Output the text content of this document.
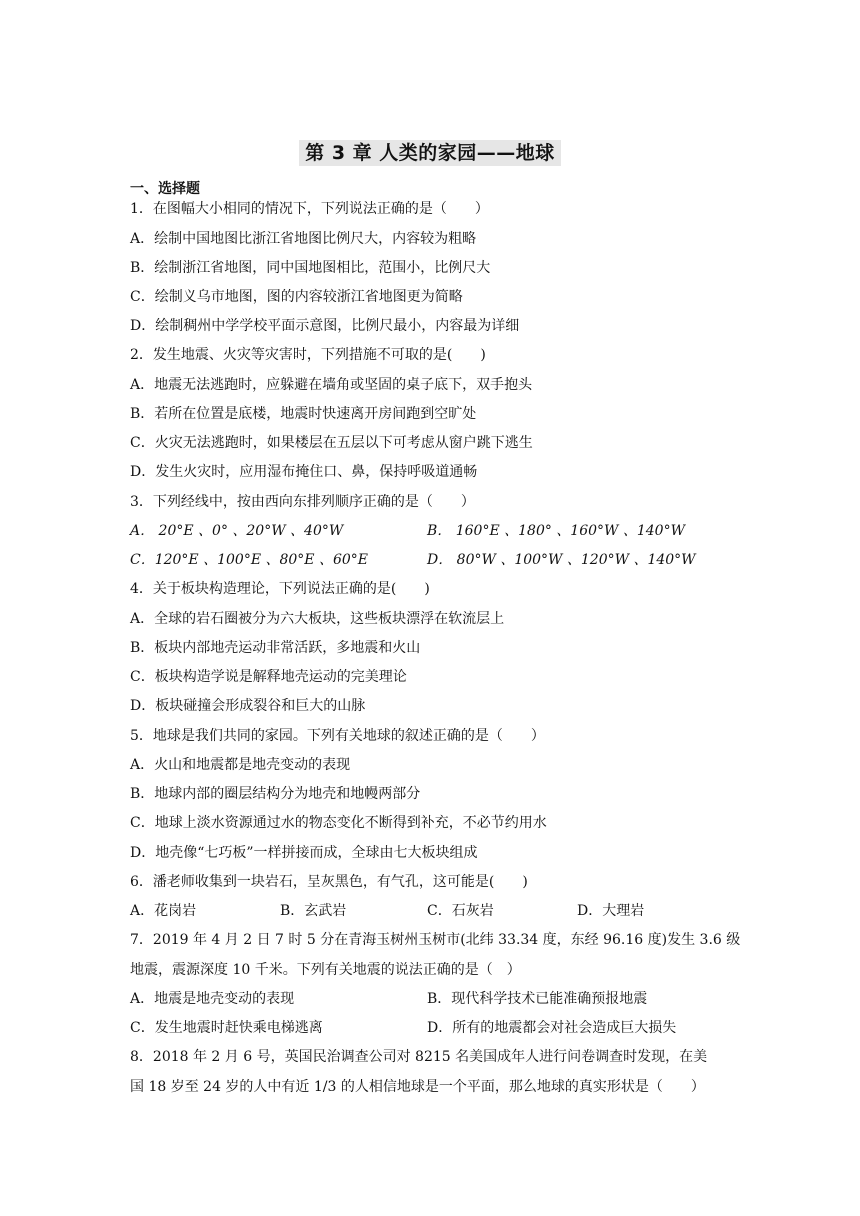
第 3 章 人类的家园——地球
一、选择题
1．在图幅大小相同的情况下，下列说法正确的是（　　）
A．绘制中国地图比浙江省地图比例尺大，内容较为粗略
B．绘制浙江省地图，同中国地图相比，范围小，比例尺大
C．绘制义乌市地图，图的内容较浙江省地图更为简略
D．绘制稠州中学学校平面示意图，比例尺最小，内容最为详细
2．发生地震、火灾等灾害时，下列措施不可取的是(　　)
A．地震无法逃跑时，应躲避在墙角或坚固的桌子底下，双手抱头
B．若所在位置是底楼，地震时快速离开房间跑到空旷处
C．火灾无法逃跑时，如果楼层在五层以下可考虑从窗户跳下逃生
D．发生火灾时，应用湿布掩住口、鼻，保持呼吸道通畅
3．下列经线中，按由西向东排列顺序正确的是（　　）
A． 20°E 、0° 、20°W 、40°W	B． 160°E 、180° 、160°W 、140°W
C．120°E 、100°E 、80°E 、60°E	D． 80°W 、100°W 、120°W 、140°W
4．关于板块构造理论，下列说法正确的是(　　)
A．全球的岩石圈被分为六大板块，这些板块漂浮在软流层上
B．板块内部地壳运动非常活跃，多地震和火山
C．板块构造学说是解释地壳运动的完美理论
D．板块碰撞会形成裂谷和巨大的山脉
5．地球是我们共同的家园。下列有关地球的叙述正确的是（　　）
A．火山和地震都是地壳变动的表现
B．地球内部的圈层结构分为地壳和地幔两部分
C．地球上淡水资源通过水的物态变化不断得到补充，不必节约用水
D．地壳像“七巧板”一样拼接而成，全球由七大板块组成
6．潘老师收集到一块岩石，呈灰黑色，有气孔，这可能是(　　)
A．花岗岩	B．玄武岩	C．石灰岩	D．大理岩
7．2019 年 4 月 2 日 7 时 5 分在青海玉树州玉树市(北纬 33.34 度，东经 96.16 度)发生 3.6 级
地震，震源深度 10 千米。下列有关地震的说法正确的是（　）
A．地震是地壳变动的表现	B．现代科学技术已能准确预报地震
C．发生地震时赶快乘电梯逃离	D．所有的地震都会对社会造成巨大损失
8．2018 年 2 月 6 号，英国民治调查公司对 8215 名美国成年人进行问卷调查时发现，在美
国 18 岁至 24 岁的人中有近 1/3 的人相信地球是一个平面，那么地球的真实形状是（　　）
